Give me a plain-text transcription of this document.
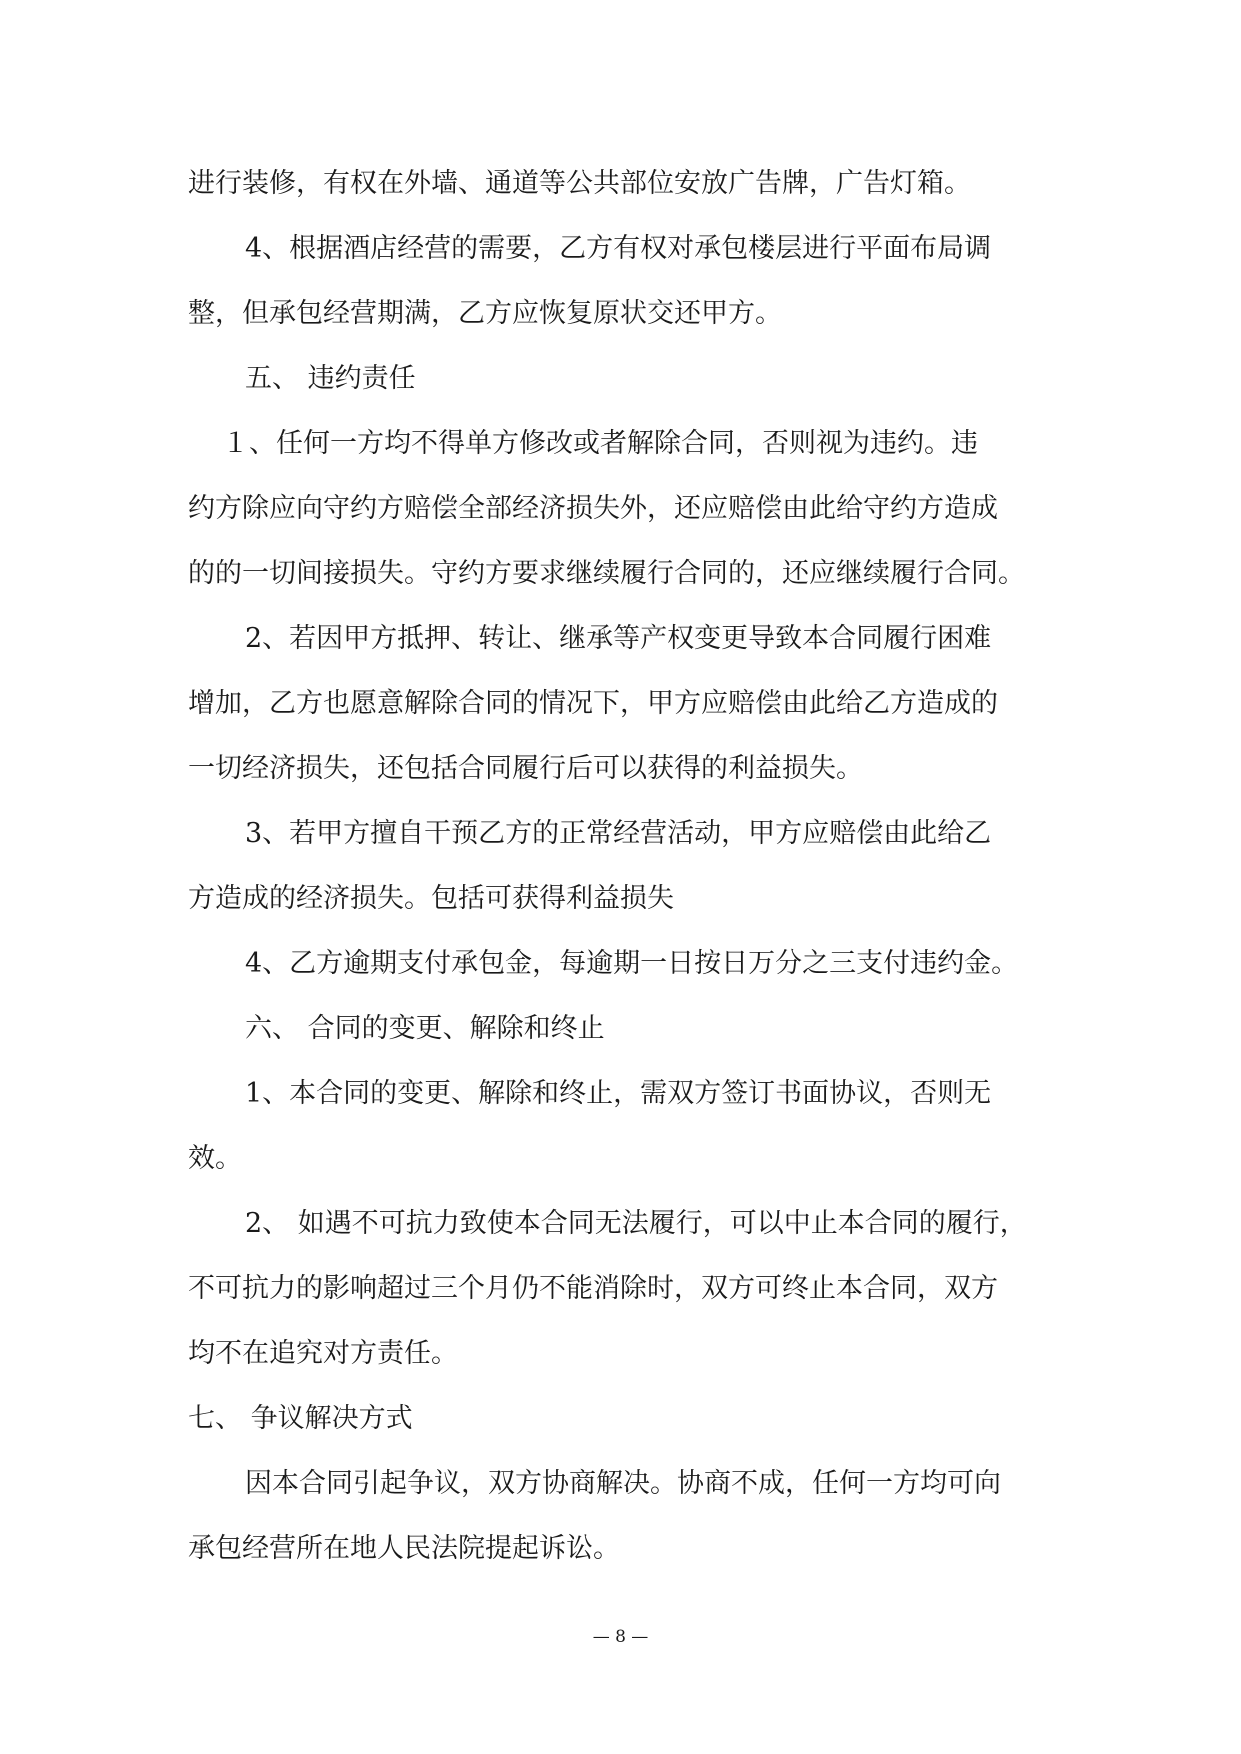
进行装修，有权在外墙、通道等公共部位安放广告牌，广告灯箱。
4、根据酒店经营的需要，乙方有权对承包楼层进行平面布局调
整，但承包经营期满，乙方应恢复原状交还甲方。
五、 违约责任
１、任何一方均不得单方修改或者解除合同，否则视为违约。违
约方除应向守约方赔偿全部经济损失外，还应赔偿由此给守约方造成
的的一切间接损失。守约方要求继续履行合同的，还应继续履行合同。
2、若因甲方抵押、转让、继承等产权变更导致本合同履行困难
增加，乙方也愿意解除合同的情况下，甲方应赔偿由此给乙方造成的
一切经济损失，还包括合同履行后可以获得的利益损失。
3、若甲方擅自干预乙方的正常经营活动，甲方应赔偿由此给乙
方造成的经济损失。包括可获得利益损失
4、乙方逾期支付承包金，每逾期一日按日万分之三支付违约金。
六、 合同的变更、解除和终止
1、本合同的变更、解除和终止，需双方签订书面协议，否则无
效。
2、 如遇不可抗力致使本合同无法履行，可以中止本合同的履行，
不可抗力的影响超过三个月仍不能消除时，双方可终止本合同，双方
均不在追究对方责任。
七、 争议解决方式
因本合同引起争议，双方协商解决。协商不成，任何一方均可向
承包经营所在地人民法院提起诉讼。
— 8 —
